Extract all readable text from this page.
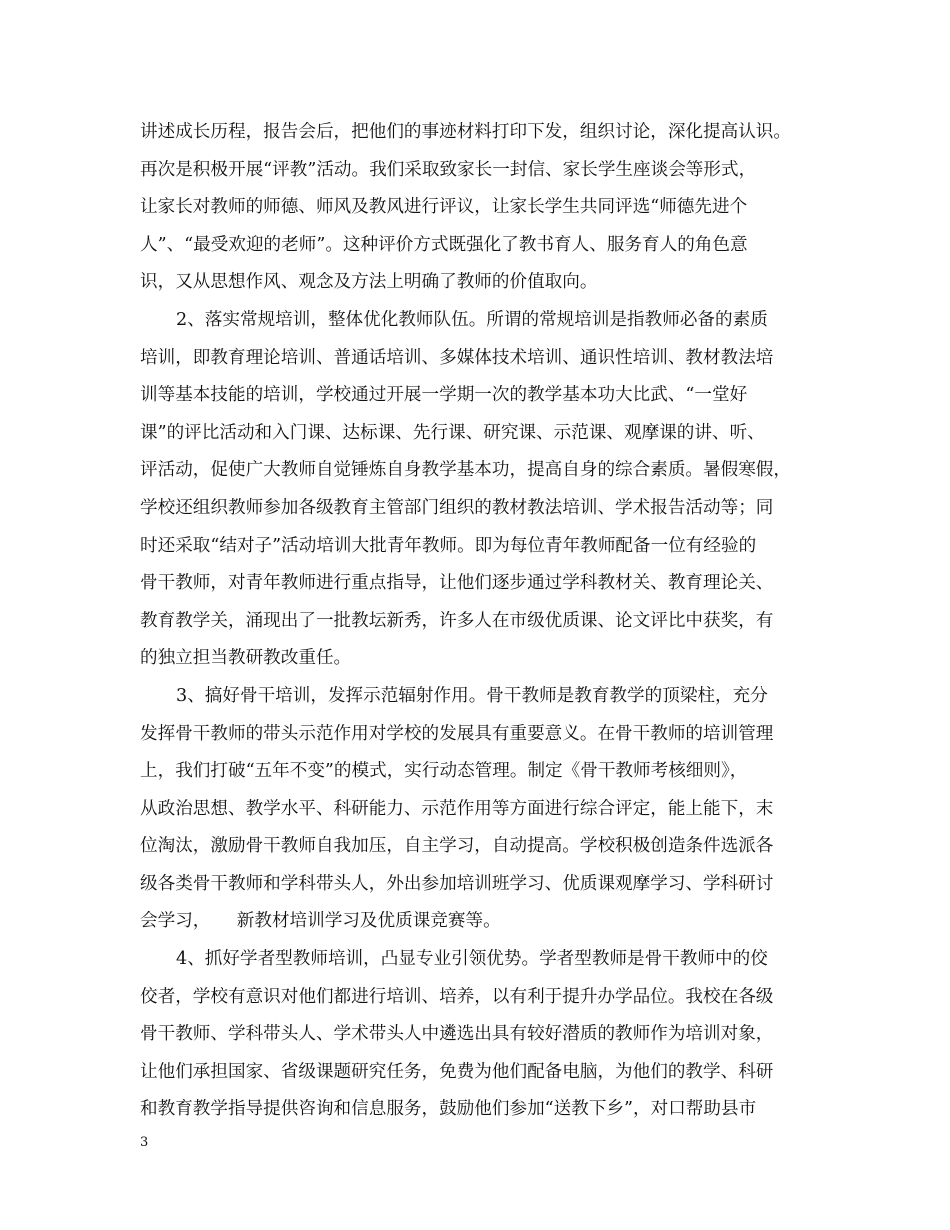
讲述成长历程，报告会后，把他们的事迹材料打印下发，组织讨论，深化提高认识。
再次是积极开展“评教”活动。我们采取致家长一封信、家长学生座谈会等形式，
让家长对教师的师德、师风及教风进行评议，让家长学生共同评选“师德先进个
人”、“最受欢迎的老师”。这种评价方式既强化了教书育人、服务育人的角色意
识，又从思想作风、观念及方法上明确了教师的价值取向。
2、落实常规培训，整体优化教师队伍。所谓的常规培训是指教师必备的素质
培训，即教育理论培训、普通话培训、多媒体技术培训、通识性培训、教材教法培
训等基本技能的培训，学校通过开展一学期一次的教学基本功大比武、“一堂好
课”的评比活动和入门课、达标课、先行课、研究课、示范课、观摩课的讲、听、
评活动，促使广大教师自觉锤炼自身教学基本功，提高自身的综合素质。暑假寒假，
学校还组织教师参加各级教育主管部门组织的教材教法培训、学术报告活动等；同
时还采取“结对子”活动培训大批青年教师。即为每位青年教师配备一位有经验的
骨干教师，对青年教师进行重点指导，让他们逐步通过学科教材关、教育理论关、
教育教学关，涌现出了一批教坛新秀，许多人在市级优质课、论文评比中获奖，有
的独立担当教研教改重任。
3、搞好骨干培训，发挥示范辐射作用。骨干教师是教育教学的顶梁柱，充分
发挥骨干教师的带头示范作用对学校的发展具有重要意义。在骨干教师的培训管理
上，我们打破“五年不变”的模式，实行动态管理。制定《骨干教师考核细则》，
从政治思想、教学水平、科研能力、示范作用等方面进行综合评定，能上能下，末
位淘汰，激励骨干教师自我加压，自主学习，自动提高。学校积极创造条件选派各
级各类骨干教师和学科带头人，外出参加培训班学习、优质课观摩学习、学科研讨
会学习，　　新教材培训学习及优质课竞赛等。
4、抓好学者型教师培训，凸显专业引领优势。学者型教师是骨干教师中的佼
佼者，学校有意识对他们都进行培训、培养，以有利于提升办学品位。我校在各级
骨干教师、学科带头人、学术带头人中遴选出具有较好潜质的教师作为培训对象，
让他们承担国家、省级课题研究任务，免费为他们配备电脑，为他们的教学、科研
和教育教学指导提供咨询和信息服务，鼓励他们参加“送教下乡”，对口帮助县市
3
